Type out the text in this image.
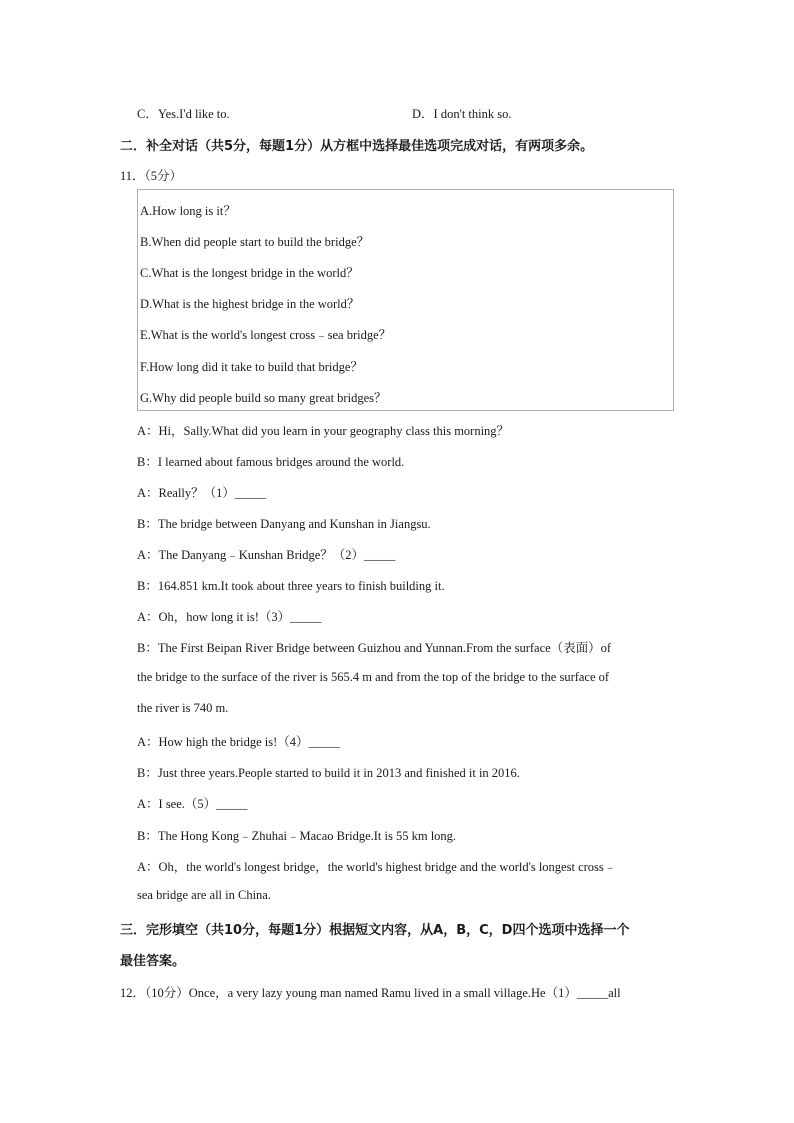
C．Yes.I'd like to.	D．I don't think so.
二．补全对话（共5分，每题1分）从方框中选择最佳选项完成对话，有两项多余。
11．（5分）
A.How long is it？
B.When did people start to build the bridge？
C.What is the longest bridge in the world？
D.What is the highest bridge in the world？
E.What is the world's longest cross﹣sea bridge？
F.How long did it take to build that bridge？
G.Why did people build so many great bridges？
A：Hi，Sally.What did you learn in your geography class this morning？
B：I learned about famous bridges around the world.
A：Really？（1）_____
B：The bridge between Danyang and Kunshan in Jiangsu.
A：The Danyang﹣Kunshan Bridge？（2）_____
B：164.851 km.It took about three years to finish building it.
A：Oh，how long it is!（3）_____
B：The First Beipan River Bridge between Guizhou and Yunnan.From the surface（表面）of
the bridge to the surface of the river is 565.4 m and from the top of the bridge to the surface of
the river is 740 m.
A：How high the bridge is!（4）_____
B：Just three years.People started to build it in 2013 and finished it in 2016.
A：I see.（5）_____
B：The Hong Kong﹣Zhuhai﹣Macao Bridge.It is 55 km long.
A：Oh，the world's longest bridge，the world's highest bridge and the world's longest cross﹣
sea bridge are all in China.
三．完形填空（共10分，每题1分）根据短文内容，从A，B，C，D四个选项中选择一个
最佳答案。
12．（10分）Once，a very lazy young man named Ramu lived in a small village.He（1）_____all
